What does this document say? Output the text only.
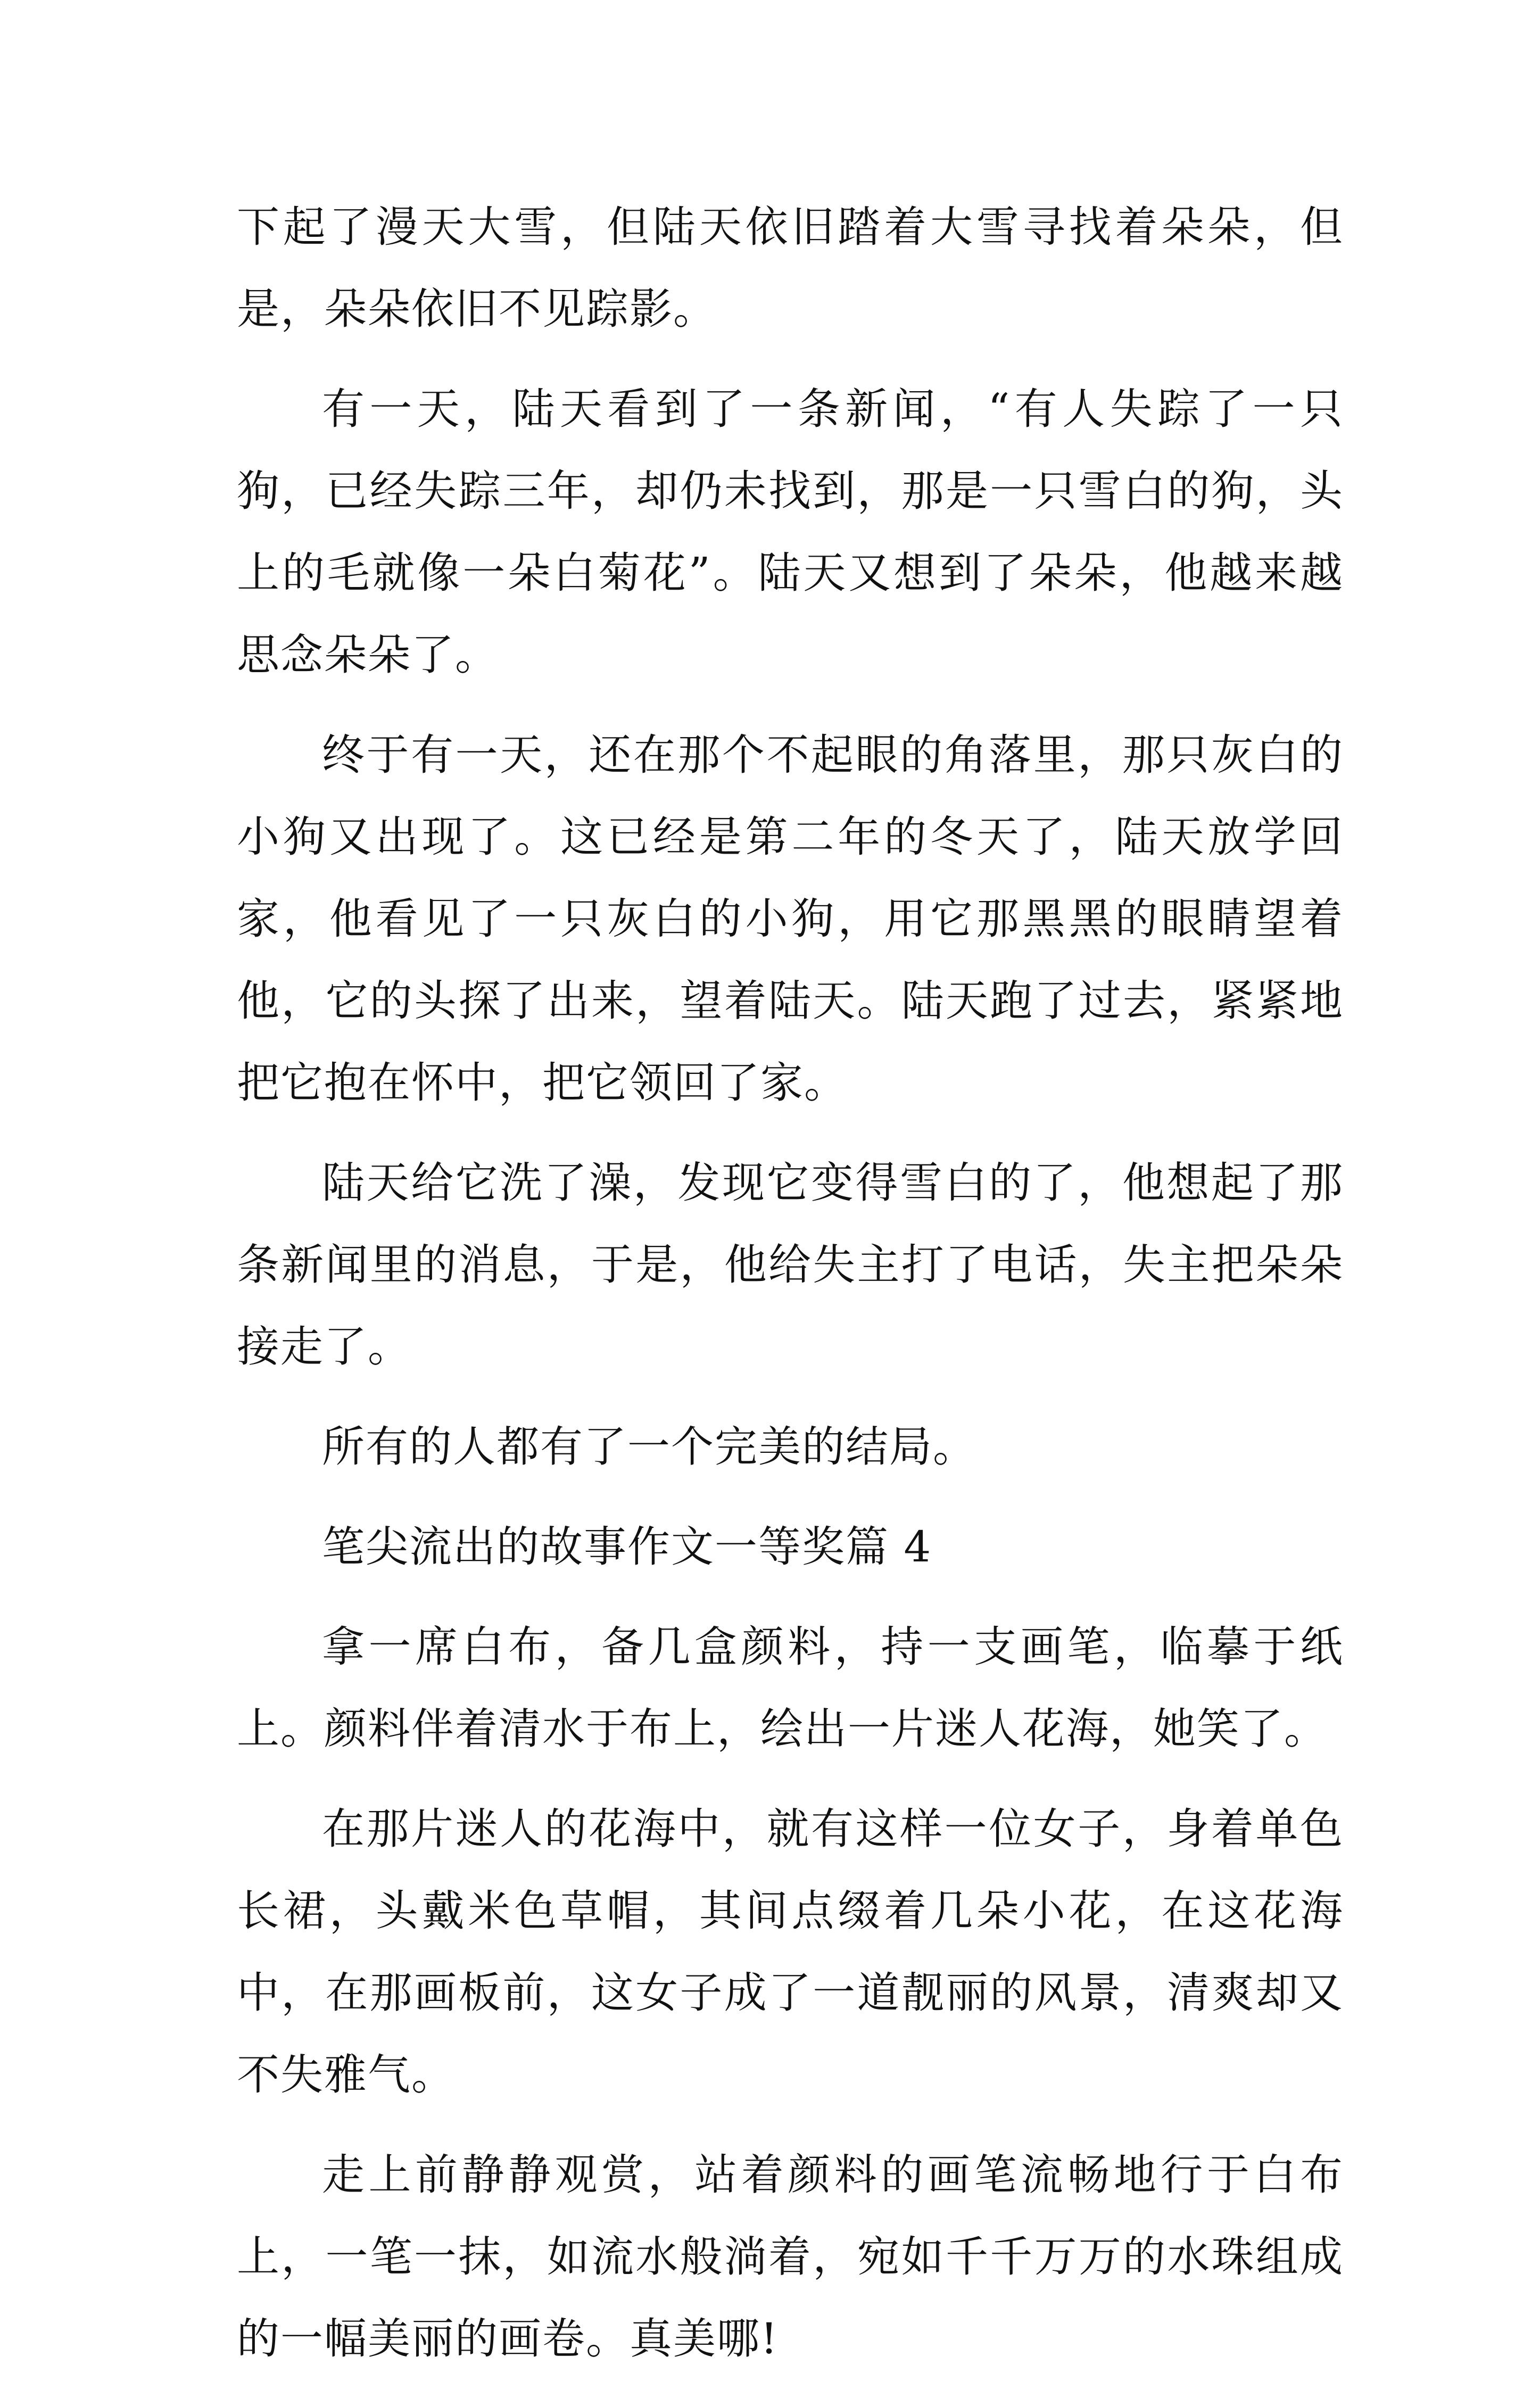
下起了漫天大雪，但陆天依旧踏着大雪寻找着朵朵，但是，朵朵依旧不见踪影。

有一天，陆天看到了一条新闻，“有人失踪了一只狗，已经失踪三年，却仍未找到，那是一只雪白的狗，头上的毛就像一朵白菊花”。陆天又想到了朵朵，他越来越思念朵朵了。

终于有一天，还在那个不起眼的角落里，那只灰白的小狗又出现了。这已经是第二年的冬天了，陆天放学回家，他看见了一只灰白的小狗，用它那黑黑的眼睛望着他，它的头探了出来，望着陆天。陆天跑了过去，紧紧地把它抱在怀中，把它领回了家。

陆天给它洗了澡，发现它变得雪白的了，他想起了那条新闻里的消息，于是，他给失主打了电话，失主把朵朵接走了。

所有的人都有了一个完美的结局。

笔尖流出的故事作文一等奖篇 4

拿一席白布，备几盒颜料，持一支画笔，临摹于纸上。颜料伴着清水于布上，绘出一片迷人花海，她笑了。

在那片迷人的花海中，就有这样一位女子，身着单色长裙，头戴米色草帽，其间点缀着几朵小花，在这花海中，在那画板前，这女子成了一道靓丽的风景，清爽却又不失雅气。

走上前静静观赏，站着颜料的画笔流畅地行于白布上，一笔一抹，如流水般淌着，宛如千千万万的水珠组成的一幅美丽的画卷。真美哪!
